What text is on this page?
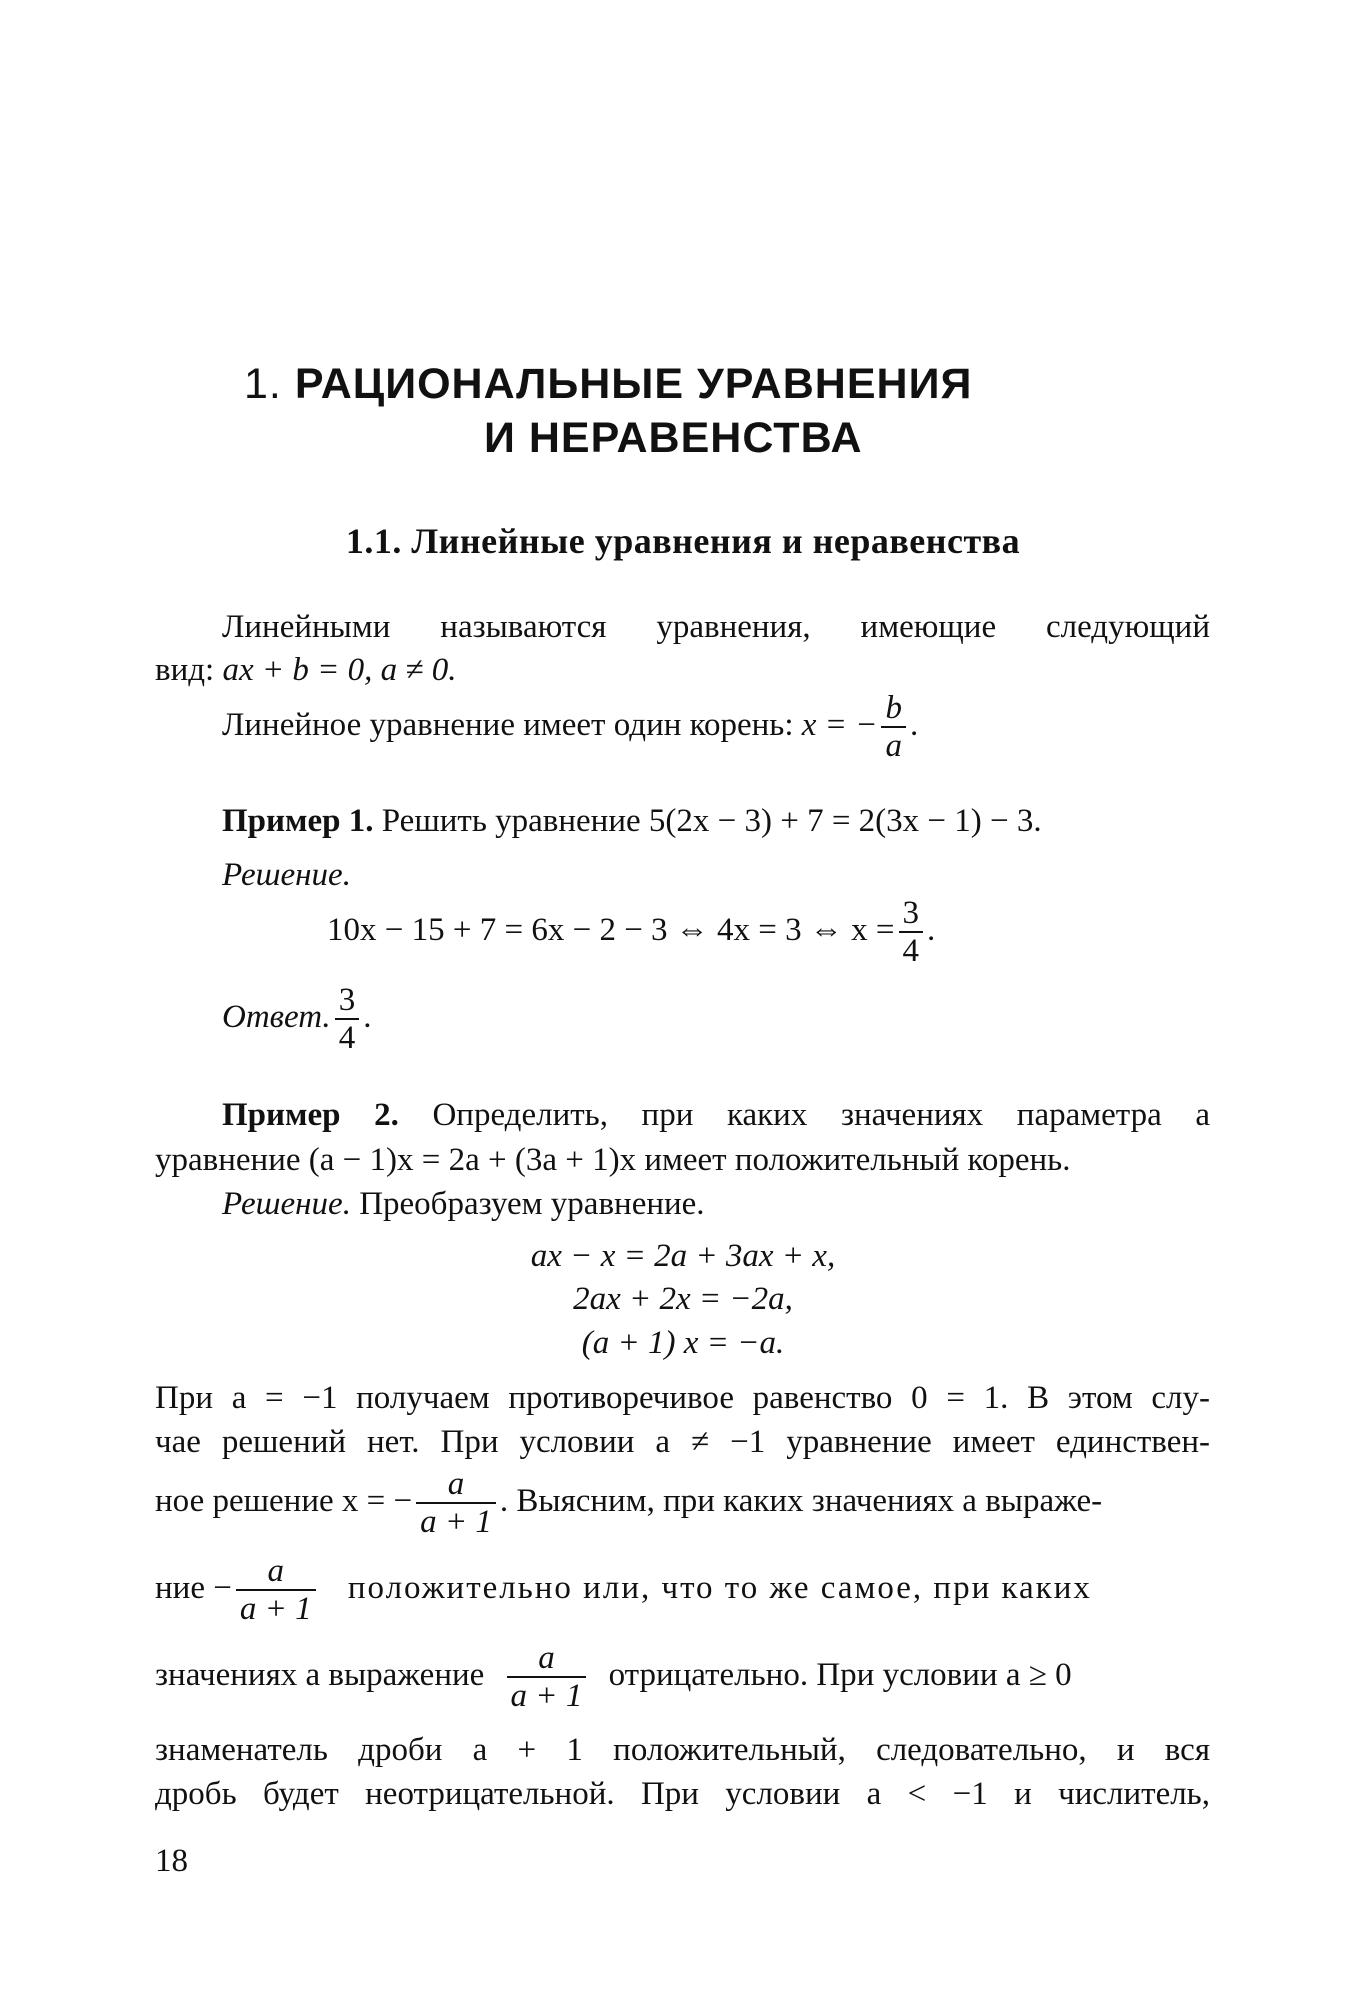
1. РАЦИОНАЛЬНЫЕ УРАВНЕНИЯ
И НЕРАВЕНСТВА
1.1. Линейные уравнения и неравенства
Линейными называются уравнения, имеющие следующий
вид: ax + b = 0, a ≠ 0.
Линейное уравнение имеет один корень: x = − $\frac{b}{a}$ .
Пример 1. Решить уравнение 5(2x − 3) + 7 = 2(3x − 1) − 3.
Решение.
10x − 15 + 7 = 6x − 2 − 3 ⇔ 4x = 3 ⇔ $x = \frac{3}{4}$ .
Ответ. $\frac{3}{4}$ .
Пример 2. Определить, при каких значениях параметра a
уравнение (a − 1)x = 2a + (3a + 1)x имеет положительный корень.
Решение. Преобразуем уравнение.
ax − x = 2a + 3ax + x,
2ax + 2x = −2a,
(a + 1) x = −a.
При a = −1 получаем противоречивое равенство 0 = 1. В этом слу-
чае решений нет. При условии a ≠ −1 уравнение имеет единствен-
ное решение x = − $\frac{a}{a + 1}$ . Выясним, при каких значениях a выраже-
ние − $\frac{a}{a + 1}$ положительно или, что то же самое, при каких
значениях a выражение $\frac{a}{a + 1}$ отрицательно. При условии a ≥ 0
знаменатель дроби a + 1 положительный, следовательно, и вся
дробь будет неотрицательной. При условии a < −1 и числитель,
18
